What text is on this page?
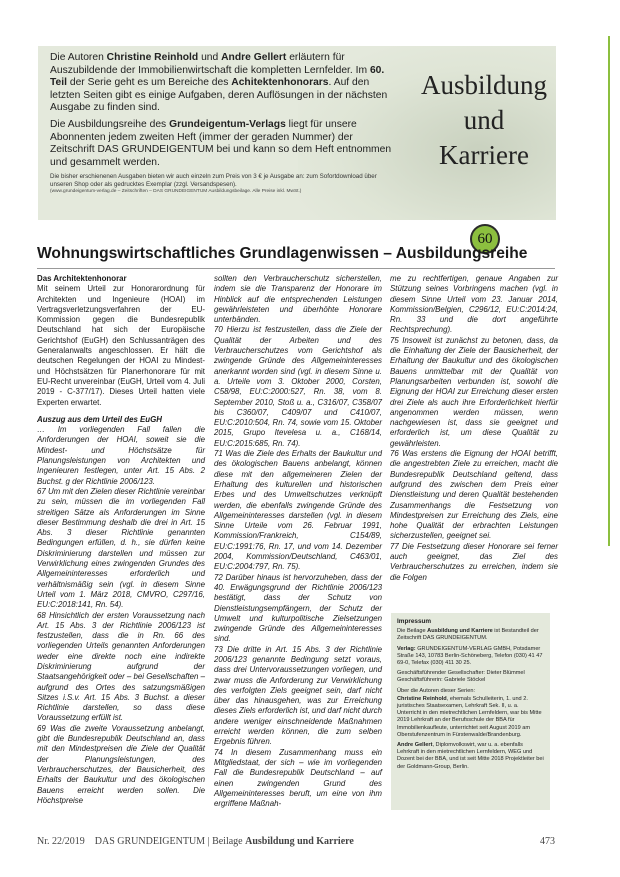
Die Autoren Christine Reinhold und Andre Gellert erläutern für Auszubildende der Immobilienwirtschaft die kompletten Lernfelder. Im 60. Teil der Serie geht es um Bereiche des Achitektenhonorars. Auf den letzten Seiten gibt es einige Aufgaben, deren Auflösungen in der nächsten Ausgabe zu finden sind.

Die Ausbildungsreihe des Grundeigentum-Verlags liegt für unsere Abonnenten jedem zweiten Heft (immer der geraden Nummer) der Zeitschrift DAS GRUNDEIGENTUM bei und kann so dem Heft entnommen und gesammelt werden.

Die bisher erschienenen Ausgaben bieten wir auch einzeln zum Preis von 3 € je Ausgabe an: zum Sofortdownload über unseren Shop oder als gedrucktes Exemplar (zzgl. Versandspesen).
(www.grundeigentum-verlag.de – Zeitschriften – DAS GRUNDEIGENTUM Ausbildungsbeilage. Alle Preise inkl. MwSt.)
Ausbildung
und
Karriere
60
Wohnungswirtschaftliches Grundlagenwissen – Ausbildungsreihe

Das Architektenhonorar

Mit seinem Urteil zur Honorarordnung für Architekten und Ingenieure (HOAI) im Vertragsverletzungsverfahren der EU-Kommission gegen die Bundesrepublik Deutschland hat sich der Europäische Gerichtshof (EuGH) den Schlussanträgen des Generalanwalts angeschlossen. Er hält die deutschen Regelungen der HOAI zu Mindest- und Höchstsätzen für Planerhonorare für mit EU-Recht unvereinbar (EuGH, Urteil vom 4. Juli 2019 - C-377/17). Dieses Urteil hatten viele Experten erwartet.

Auszug aus dem Urteil des EuGH

… Im vorliegenden Fall fallen die Anforderungen der HOAI, soweit sie die Mindest- und Höchstsätze für Planungsleistungen von Architekten und Ingenieuren festlegen, unter Art. 15 Abs. 2 Buchst. g der Richtlinie 2006/123.

67 Um mit den Zielen dieser Richtlinie vereinbar zu sein, müssen die im vorliegenden Fall streitigen Sätze als Anforderungen im Sinne dieser Bestimmung deshalb die drei in Art. 15 Abs. 3 dieser Richtlinie genannten Bedingungen erfüllen, d. h., sie dürfen keine Diskriminierung darstellen und müssen zur Verwirklichung eines zwingenden Grundes des Allgemeininteresses erforderlich und verhältnismäßig sein (vgl. in diesem Sinne Urteil vom 1. März 2018, CMVRO, C297/16, EU:C:2018:141, Rn. 54).

68 Hinsichtlich der ersten Voraussetzung nach Art. 15 Abs. 3 der Richtlinie 2006/123 ist festzustellen, dass die in Rn. 66 des vorliegenden Urteils genannten Anforderungen weder eine direkte noch eine indirekte Diskriminierung aufgrund der Staatsangehörigkeit oder – bei Gesellschaften – aufgrund des Ortes des satzungsmäßigen Sitzes i.S.v. Art. 15 Abs. 3 Buchst. a dieser Richtlinie darstellen, so dass diese Voraussetzung erfüllt ist.

69 Was die zweite Voraussetzung anbelangt, gibt die Bundesrepublik Deutschland an, dass mit den Mindestpreisen die Ziele der Qualität der Planungsleistungen, des Verbraucherschutzes, der Bausicherheit, des Erhalts der Baukultur und des ökologischen Bauens erreicht werden sollen. Die Höchstpreise

sollten den Verbraucherschutz sicherstellen, indem sie die Transparenz der Honorare im Hinblick auf die entsprechenden Leistungen gewährleisteten und überhöhte Honorare unterbänden.

70 Hierzu ist festzustellen, dass die Ziele der Qualität der Arbeiten und des Verbraucherschutzes vom Gerichtshof als zwingende Gründe des Allgemeininteresses anerkannt worden sind (vgl. in diesem Sinne u. a. Urteile vom 3. Oktober 2000, Corsten, C58/98, EU:C:2000:527, Rn. 38, vom 8. September 2010, Stoß u. a., C316/07, C358/07 bis C360/07, C409/07 und C410/07, EU:C:2010:504, Rn. 74, sowie vom 15. Oktober 2015, Grupo Itevelesa u. a., C168/14, EU:C:2015:685, Rn. 74).

71 Was die Ziele des Erhalts der Baukultur und des ökologischen Bauens anbelangt, können diese mit den allgemeineren Zielen der Erhaltung des kulturellen und historischen Erbes und des Umweltschutzes verknüpft werden, die ebenfalls zwingende Gründe des Allgemeininteresses darstellen (vgl. in diesem Sinne Urteile vom 26. Februar 1991, Kommission/Frankreich, C154/89, EU:C:1991:76, Rn. 17, und vom 14. Dezember 2004, Kommission/Deutschland, C463/01, EU:C:2004:797, Rn. 75).

72 Darüber hinaus ist hervorzuheben, dass der 40. Erwägungsgrund der Richtlinie 2006/123 bestätigt, dass der Schutz von Dienstleistungsempfängern, der Schutz der Umwelt und kulturpolitische Zielsetzungen zwingende Gründe des Allgemeininteresses sind.

73 Die dritte in Art. 15 Abs. 3 der Richtlinie 2006/123 genannte Bedingung setzt voraus, dass drei Untervoraussetzungen vorliegen, und zwar muss die Anforderung zur Verwirklichung des verfolgten Ziels geeignet sein, darf nicht über das hinausgehen, was zur Erreichung dieses Ziels erforderlich ist, und darf nicht durch andere weniger einschneidende Maßnahmen erreicht werden können, die zum selben Ergebnis führen.

74 In diesem Zusammenhang muss ein Mitgliedstaat, der sich – wie im vorliegenden Fall die Bundesrepublik Deutschland – auf einen zwingenden Grund des Allgemeininteresses beruft, um eine von ihm ergriffene Maßnah-

me zu rechtfertigen, genaue Angaben zur Stützung seines Vorbringens machen (vgl. in diesem Sinne Urteil vom 23. Januar 2014, Kommission/Belgien, C296/12, EU:C:2014:24, Rn. 33 und die dort angeführte Rechtsprechung).

75 Insoweit ist zunächst zu betonen, dass, da die Einhaltung der Ziele der Bausicherheit, der Erhaltung der Baukultur und des ökologischen Bauens unmittelbar mit der Qualität von Planungsarbeiten verbunden ist, sowohl die Eignung der HOAI zur Erreichung dieser ersten drei Ziele als auch ihre Erforderlichkeit hierfür angenommen werden müssen, wenn nachgewiesen ist, dass sie geeignet und erforderlich ist, um diese Qualität zu gewährleisten.

76 Was erstens die Eignung der HOAI betrifft, die angestrebten Ziele zu erreichen, macht die Bundesrepublik Deutschland geltend, dass aufgrund des zwischen dem Preis einer Dienstleistung und deren Qualität bestehenden Zusammenhangs die Festsetzung von Mindestpreisen zur Erreichung des Ziels, eine hohe Qualität der erbrachten Leistungen sicherzustellen, geeignet sei.

77 Die Festsetzung dieser Honorare sei ferner auch geeignet, das Ziel des Verbraucherschutzes zu erreichen, indem sie die Folgen

Impressum

Die Beilage Ausbildung und Karriere ist Bestandteil der Zeitschrift DAS GRUNDEIGENTUM.

Verlag: GRUNDEIGENTUM-VERLAG GMBH, Potsdamer Straße 143, 10783 Berlin-Schöneberg, Telefon (030) 41 47 69-0, Telefax (030) 411 30 25.

Geschäftsführender Gesellschafter: Dieter Blümmel Geschäftsführerin: Gabriele Stöckel

Über die Autoren dieser Serien:

Christine Reinhold, ehemals Schulleiterin, 1. und 2. juristisches Staatsexamen, Lehrkraft Sek. II, u. a. Unterricht in den mietrechtlichen Lernfeldern, war bis Mitte 2019 Lehrkraft an der Berufsschule der BBA für Immobilienkaufleute, unterrichtet seit August 2019 am Oberstufenzentrum in Fürstenwalde/Brandenburg.

Andre Gellert, Diplomvolkswirt, war u. a. ebenfalls Lehrkraft in den mietrechtlichen Lernfeldern, WEG und Dozent bei der BBA, und ist seit Mitte 2018 Projektleiter bei der Goldmann-Group, Berlin.

Nr. 22/2019 DAS GRUNDEIGENTUM | Beilage Ausbildung und Karriere	473
